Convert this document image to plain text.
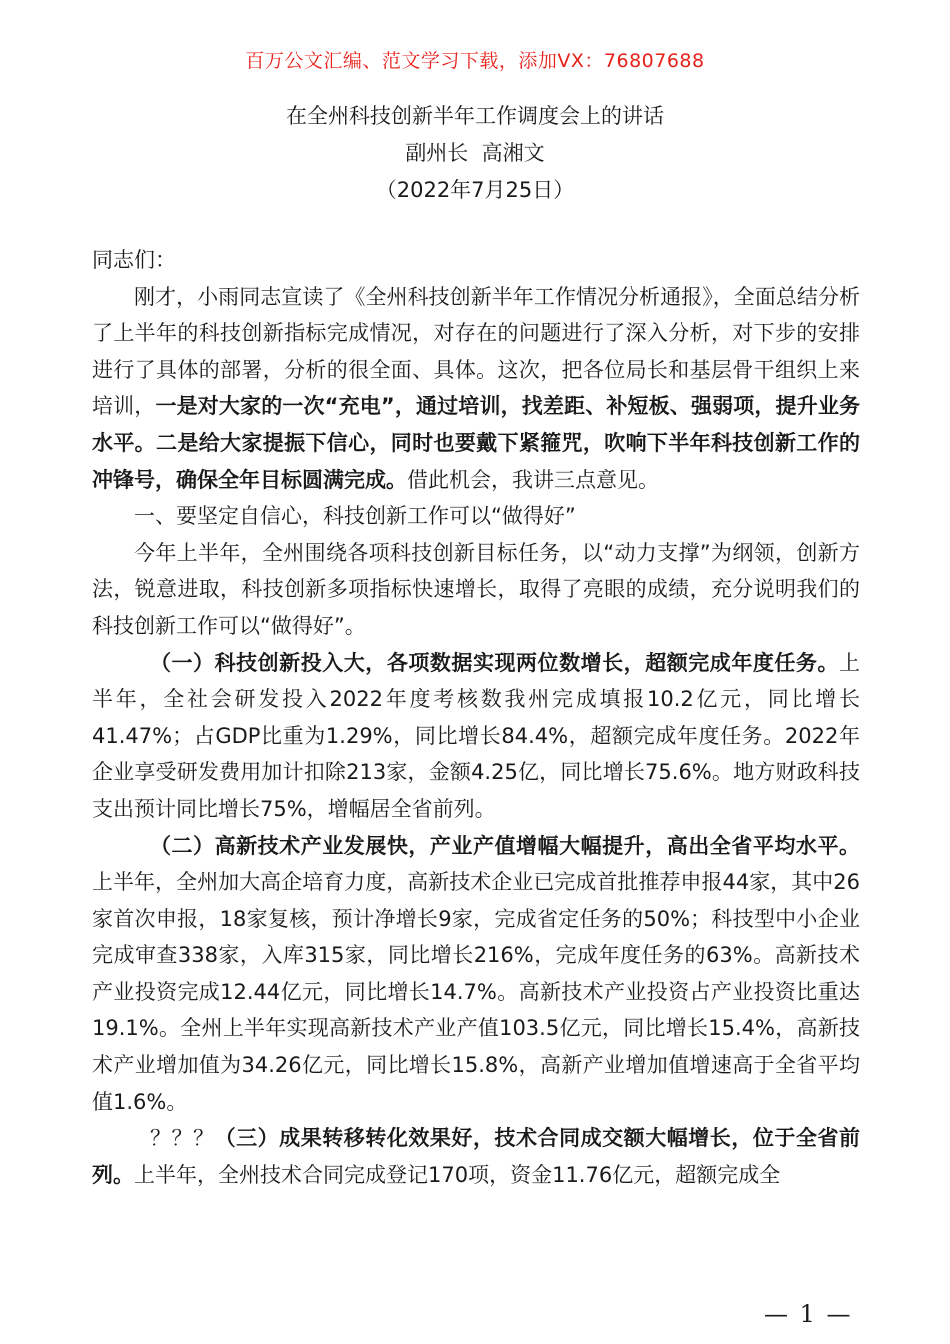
百万公文汇编、范文学习下载，添加VX：76807688
在全州科技创新半年工作调度会上的讲话
副州长  高湘文
（2022年7月25日）

同志们：

刚才，小雨同志宣读了《全州科技创新半年工作情况分析通报》，全面总结分析了上半年的科技创新指标完成情况，对存在的问题进行了深入分析，对下步的安排进行了具体的部署，分析的很全面、具体。这次，把各位局长和基层骨干组织上来培训，一是对大家的一次“充电”，通过培训，找差距、补短板、强弱项，提升业务水平。二是给大家提振下信心，同时也要戴下紧箍咒，吹响下半年科技创新工作的冲锋号，确保全年目标圆满完成。借此机会，我讲三点意见。

一、要坚定自信心，科技创新工作可以“做得好”

今年上半年，全州围绕各项科技创新目标任务，以“动力支撑”为纲领，创新方法，锐意进取，科技创新多项指标快速增长，取得了亮眼的成绩，充分说明我们的科技创新工作可以“做得好”。

（一）科技创新投入大，各项数据实现两位数增长，超额完成年度任务。上半年，全社会研发投入2022年度考核数我州完成填报10.2亿元，同比增长41.47%；占GDP比重为1.29%，同比增长84.4%，超额完成年度任务。2022年企业享受研发费用加计扣除213家，金额4.25亿，同比增长75.6%。地方财政科技支出预计同比增长75%，增幅居全省前列。

（二）高新技术产业发展快，产业产值增幅大幅提升，高出全省平均水平。上半年，全州加大高企培育力度，高新技术企业已完成首批推荐申报44家，其中26家首次申报，18家复核，预计净增长9家，完成省定任务的50%；科技型中小企业完成审查338家，入库315家，同比增长216%，完成年度任务的63%。高新技术产业投资完成12.44亿元，同比增长14.7%。高新技术产业投资占产业投资比重达19.1%。全州上半年实现高新技术产业产值103.5亿元，同比增长15.4%，高新技术产业增加值为34.26亿元，同比增长15.8%，高新产业增加值增速高于全省平均值1.6%。

？？？（三）成果转移转化效果好，技术合同成交额大幅增长，位于全省前列。上半年，全州技术合同完成登记170项，资金11.76亿元，超额完成全

— 1 —
